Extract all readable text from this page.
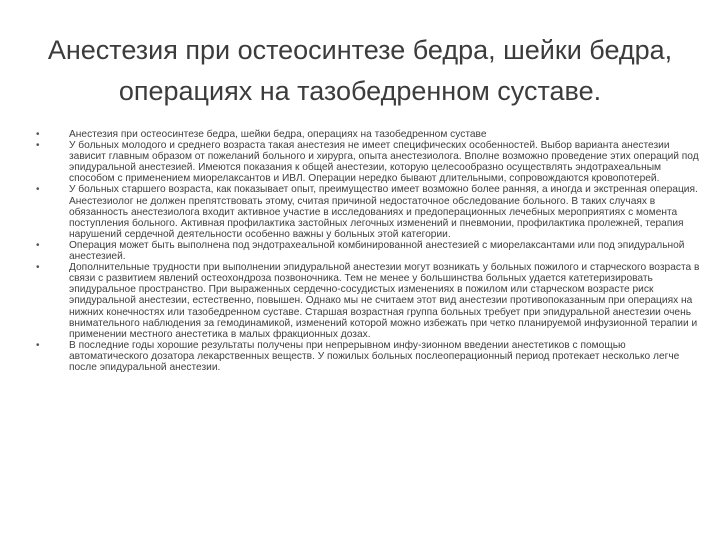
Анестезия при остеосинтезе бедра, шейки бедра, операциях на тазобедренном суставе.
•	Анестезия при остеосинтезе бедра, шейки бедра, операциях на тазобедренном суставе
•	У больных молодого и среднего возраста такая анестезия не имеет специфических особенностей. Выбор варианта анестезии зависит главным образом от пожеланий больного и хирурга, опыта анестезиолога. Вполне возможно проведение этих операций под эпидуральной анестезией. Имеются показания к общей анестезии, которую целесообразно осуществлять эндотрахеальным способом с применением миорелаксантов и ИВЛ. Операции нередко бывают длительными, сопровождаются кровопотерей.
•	У больных старшего возраста, как показывает опыт, преимущество имеет возможно более ранняя, а иногда и экстренная операция. Анестезиолог не должен препятствовать этому, считая причиной недостаточное обследование больного. В таких случаях в обязанность анестезиолога входит активное участие в исследованиях и предоперационных лечебных мероприятиях с момента поступления больного. Активная профилактика застойных легочных изменений и пневмонии, профилактика пролежней, терапия нарушений сердечной деятельности особенно важны у больных этой категории.
•	Операция может быть выполнена под эндотрахеальной комбинированной анестезией с миорелаксантами или под эпидуральной анестезией.
•	Дополнительные трудности при выполнении эпидуральной анестезии могут возникать у больных пожилого и старческого возраста в связи с развитием явлений остеохондроза позвоночника. Тем не менее у большинства больных удается катетеризировать эпидуральное пространство. При выраженных сердечно-сосудистых изменениях в пожилом или старческом возрасте риск эпидуральной анестезии, естественно, повышен. Однако мы не считаем этот вид анестезии противопоказанным при операциях на нижних конечностях или тазобедренном суставе. Старшая возрастная группа больных требует при эпидуральной анестезии очень внимательного наблюдения за гемодинамикой, изменений которой можно избежать при четко планируемой инфузионной терапии и применении местного анестетика в малых фракционных дозах.
•	В последние годы хорошие результаты получены при непрерывном инфу-зионном введении анестетиков с помощью автоматического дозатора лекарственных веществ. У пожилых больных послеоперационный период протекает несколько легче после эпидуральной анестезии.
